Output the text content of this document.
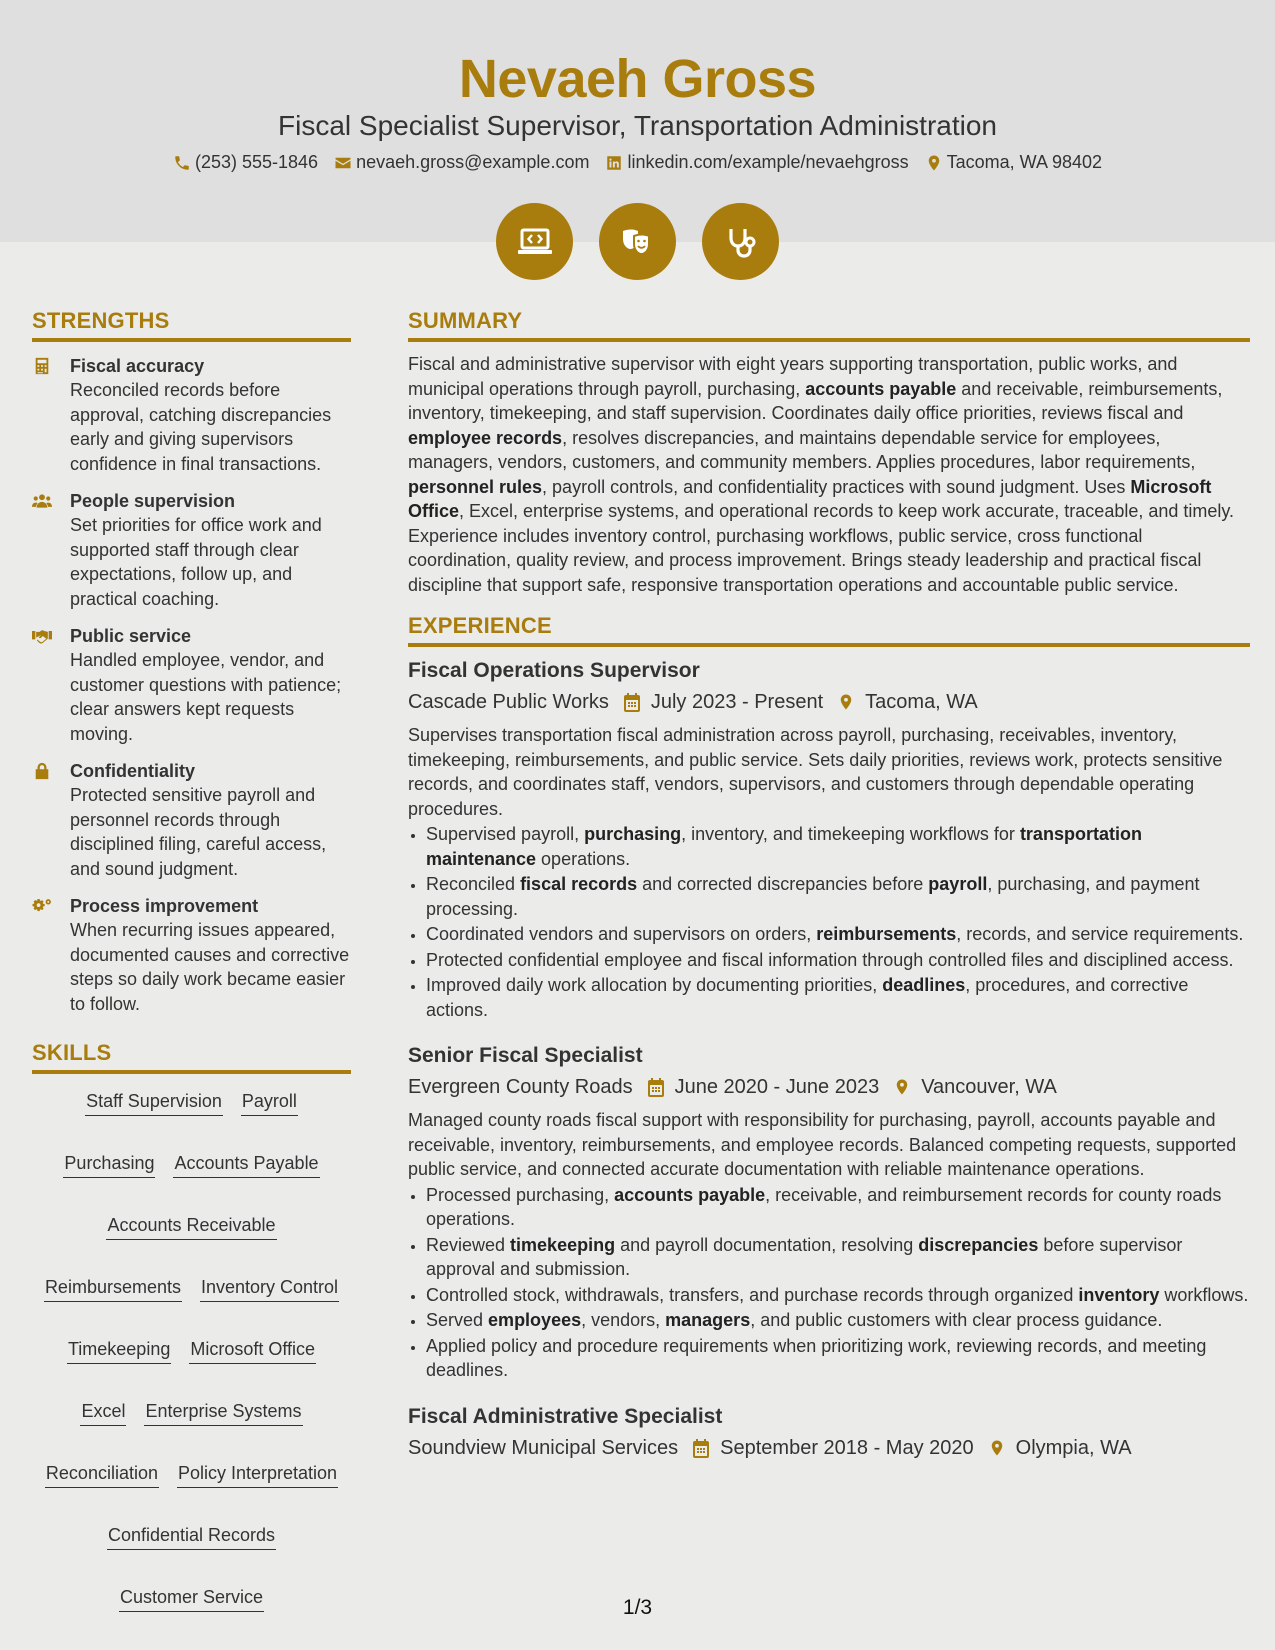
Nevaeh Gross
Fiscal Specialist Supervisor, Transportation Administration
(253) 555-1846 nevaeh.gross@example.com linkedin.com/example/nevaehgross Tacoma, WA 98402
STRENGTHS
Fiscal accuracy
Reconciled records before approval, catching discrepancies early and giving supervisors confidence in final transactions.
People supervision
Set priorities for office work and supported staff through clear expectations, follow up, and practical coaching.
Public service
Handled employee, vendor, and customer questions with patience; clear answers kept requests moving.
Confidentiality
Protected sensitive payroll and personnel records through disciplined filing, careful access, and sound judgment.
Process improvement
When recurring issues appeared, documented causes and corrective steps so daily work became easier to follow.
SKILLS
Staff Supervision Payroll
Purchasing Accounts Payable
Accounts Receivable
Reimbursements Inventory Control
Timekeeping Microsoft Office
Excel Enterprise Systems
Reconciliation Policy Interpretation
Confidential Records
Customer Service
SUMMARY
Fiscal and administrative supervisor with eight years supporting transportation, public works, and municipal operations through payroll, purchasing, accounts payable and receivable, reimbursements, inventory, timekeeping, and staff supervision. Coordinates daily office priorities, reviews fiscal and employee records, resolves discrepancies, and maintains dependable service for employees, managers, vendors, customers, and community members. Applies procedures, labor requirements, personnel rules, payroll controls, and confidentiality practices with sound judgment. Uses Microsoft Office, Excel, enterprise systems, and operational records to keep work accurate, traceable, and timely. Experience includes inventory control, purchasing workflows, public service, cross functional coordination, quality review, and process improvement. Brings steady leadership and practical fiscal discipline that support safe, responsive transportation operations and accountable public service.
EXPERIENCE
Fiscal Operations Supervisor
Cascade Public Works July 2023 - Present Tacoma, WA
Supervises transportation fiscal administration across payroll, purchasing, receivables, inventory, timekeeping, reimbursements, and public service. Sets daily priorities, reviews work, protects sensitive records, and coordinates staff, vendors, supervisors, and customers through dependable operating procedures.
• Supervised payroll, purchasing, inventory, and timekeeping workflows for transportation maintenance operations.
• Reconciled fiscal records and corrected discrepancies before payroll, purchasing, and payment processing.
• Coordinated vendors and supervisors on orders, reimbursements, records, and service requirements.
• Protected confidential employee and fiscal information through controlled files and disciplined access.
• Improved daily work allocation by documenting priorities, deadlines, procedures, and corrective actions.
Senior Fiscal Specialist
Evergreen County Roads June 2020 - June 2023 Vancouver, WA
Managed county roads fiscal support with responsibility for purchasing, payroll, accounts payable and receivable, inventory, reimbursements, and employee records. Balanced competing requests, supported public service, and connected accurate documentation with reliable maintenance operations.
• Processed purchasing, accounts payable, receivable, and reimbursement records for county roads operations.
• Reviewed timekeeping and payroll documentation, resolving discrepancies before supervisor approval and submission.
• Controlled stock, withdrawals, transfers, and purchase records through organized inventory workflows.
• Served employees, vendors, managers, and public customers with clear process guidance.
• Applied policy and procedure requirements when prioritizing work, reviewing records, and meeting deadlines.
Fiscal Administrative Specialist
Soundview Municipal Services September 2018 - May 2020 Olympia, WA
1/3
